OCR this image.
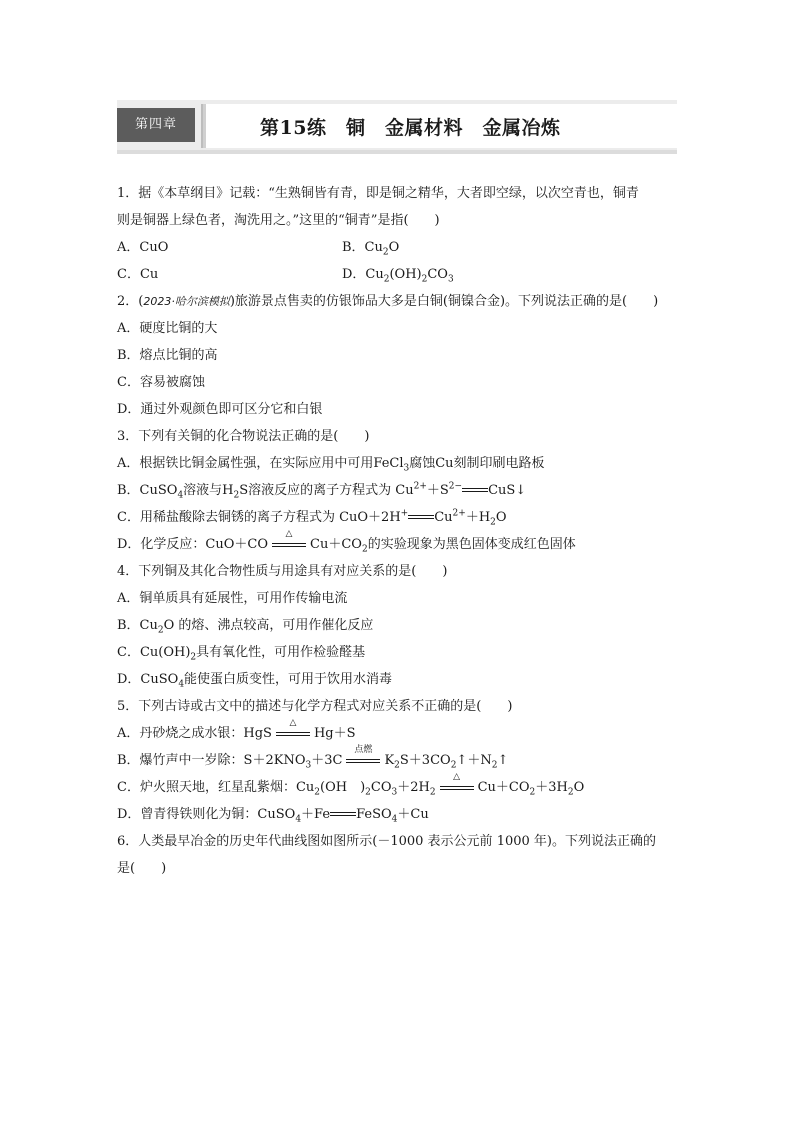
第四章	第15练　铜　金属材料　金属冶炼
1．据《本草纲目》记载：“生熟铜皆有青，即是铜之精华，大者即空绿，以次空青也，铜青
则是铜器上绿色者，淘洗用之。”这里的“铜青”是指(　　)
A．CuO	B．$Cu_2O$
C．Cu	D．$Cu_2(OH)_2CO_3$
2．(2023·哈尔滨模拟)旅游景点售卖的仿银饰品大多是白铜(铜镍合金)。下列说法正确的是(　　)
A．硬度比铜的大
B．熔点比铜的高
C．容易被腐蚀
D．通过外观颜色即可区分它和白银
3．下列有关铜的化合物说法正确的是(　　)
A．根据铁比铜金属性强，在实际应用中可用FeCl$_3$腐蚀Cu刻制印刷电路板
B．CuSO$_4$溶液与$H_2S$溶液反应的离子方程式为 $Cu^{2+}+S^{2-}$ CuS↓
C．用稀盐酸除去铜锈的离子方程式为 CuO＋2H+ $Cu^{2+}+H_2O$
D．化学反应：CuO＋CO
△
$Cu+CO_2$的实验现象为黑色固体变成红色固体
4．下列铜及其化合物性质与用途具有对应关系的是(　　)
A．铜单质具有延展性，可用作传输电流
B．$Cu_2O$ 的熔、沸点较高，可用作催化反应
C．$Cu(OH)_2$具有氧化性，可用作检验醛基
D．CuSO$_4$能使蛋白质变性，可用于饮用水消毒
5．下列古诗或古文中的描述与化学方程式对应关系不正确的是(　　)
A．丹砂烧之成水银：HgS
△
Hg＋S
B．爆竹声中一岁除：$S+2KNO_3+3C$
点燃
$K_2S+3CO_2↑+N_2↑$
C．炉火照天地，红星乱紫烟：$Cu_2(OH$　)$_2CO_3+2H_2$
△
$Cu+CO_2+3H_2O$
D．曾青得铁则化为铜：CuSO$_4$＋Fe FeSO$_4$＋Cu
6．人类最早冶金的历史年代曲线图如图所示(－1000 表示公元前 1000 年)。下列说法正确的
是(　　)
